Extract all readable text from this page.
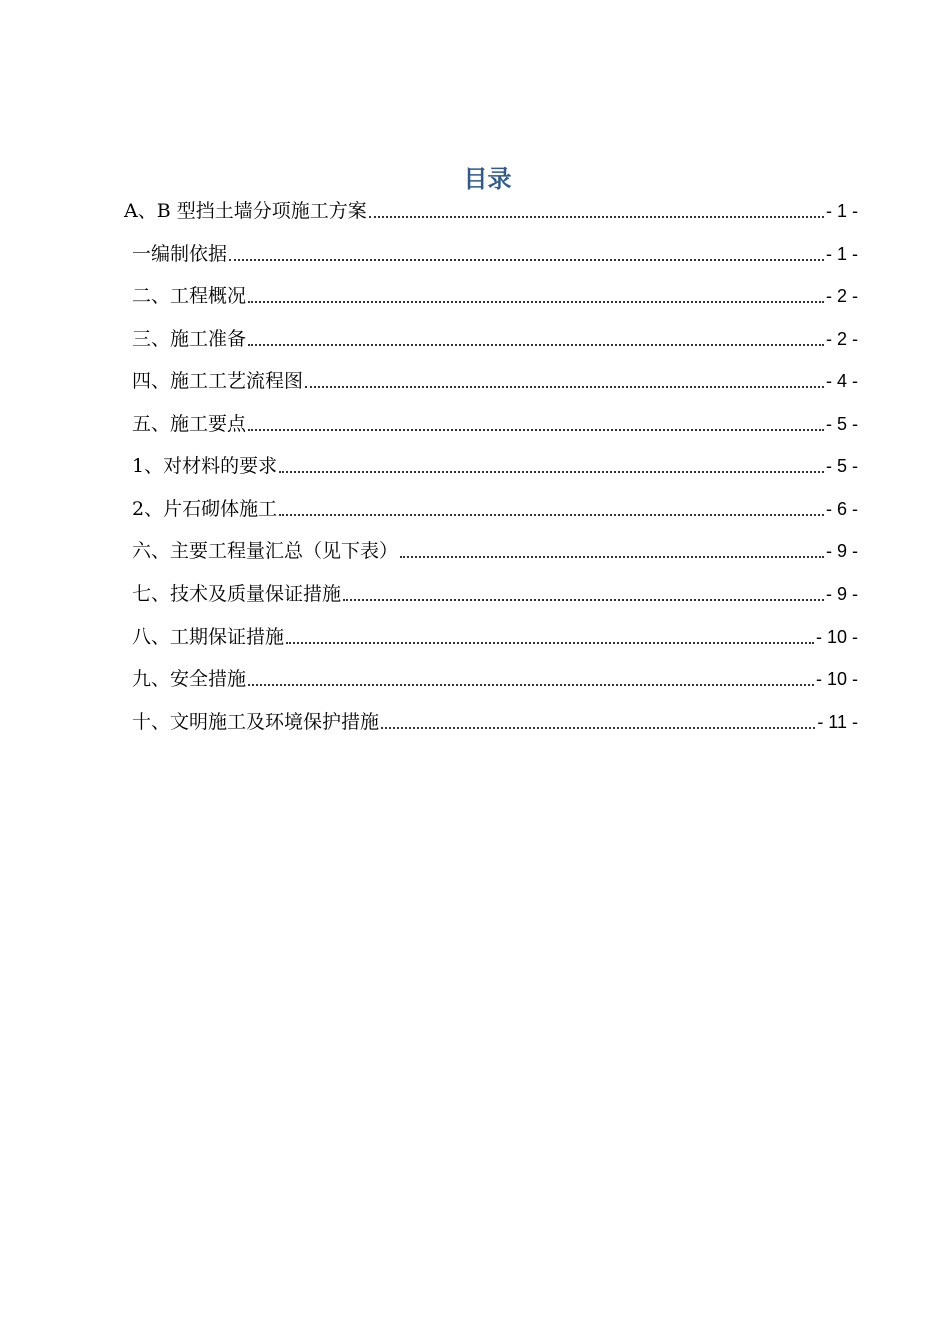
目录
A、B 型挡土墙分项施工方案	- 1 -
一编制依据	- 1 -
二、工程概况	- 2 -
三、施工准备	- 2 -
四、施工工艺流程图	- 4 -
五、施工要点	- 5 -
1、对材料的要求	- 5 -
2、片石砌体施工	- 6 -
六、主要工程量汇总（见下表）	- 9 -
七、技术及质量保证措施	- 9 -
八、工期保证措施	- 10 -
九、安全措施	- 10 -
十、文明施工及环境保护措施	- 11 -
